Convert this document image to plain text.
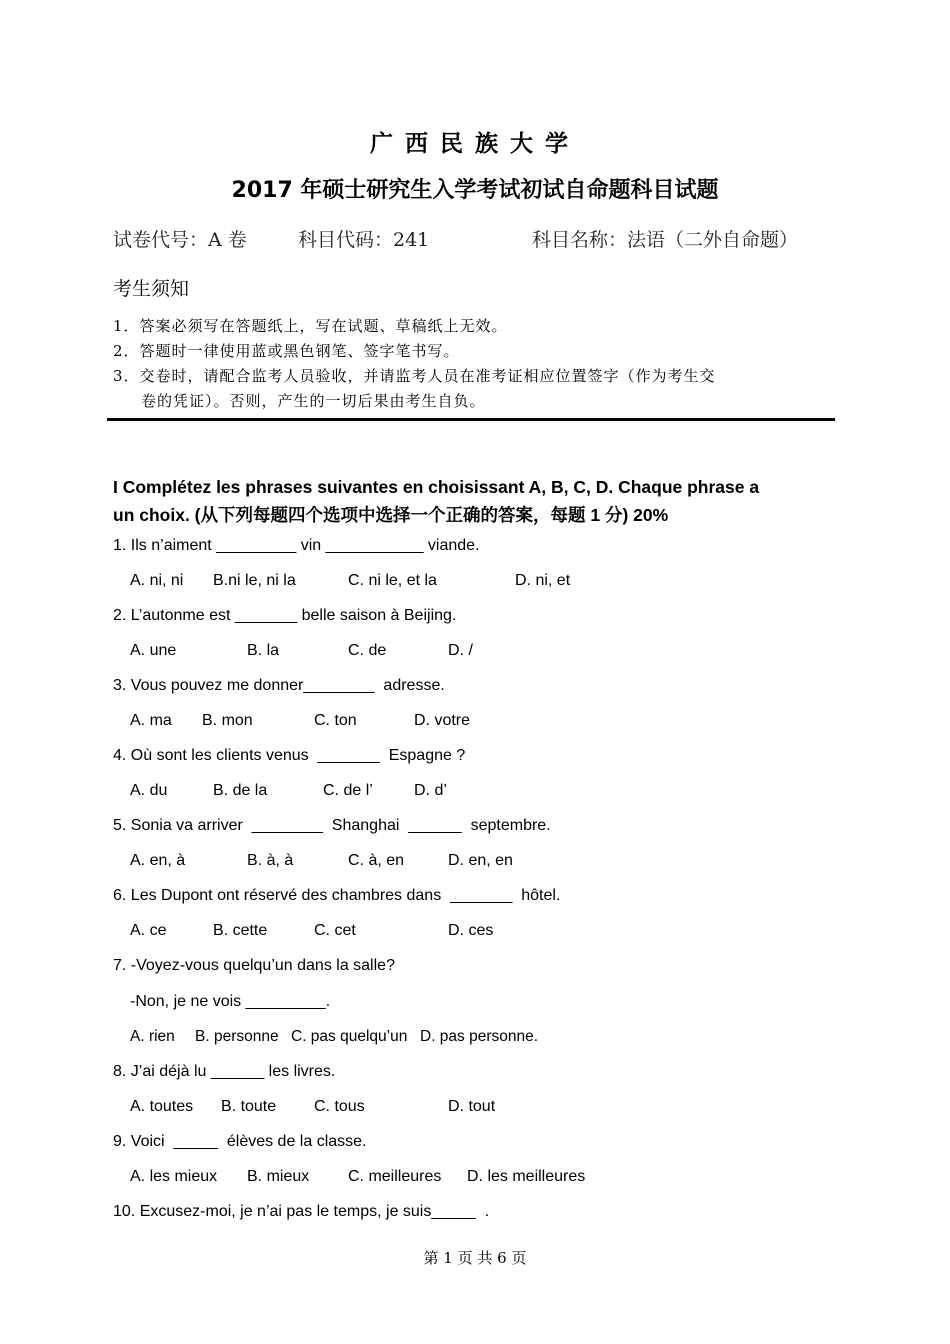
广西民族大学
2017 年硕士研究生入学考试初试自命题科目试题
试卷代号：A 卷	科目代码：241	科目名称：法语（二外自命题）
考生须知
1．答案必须写在答题纸上，写在试题、草稿纸上无效。
2．答题时一律使用蓝或黑色钢笔、签字笔书写。
3．交卷时，请配合监考人员验收，并请监考人员在准考证相应位置签字（作为考生交
卷的凭证）。否则，产生的一切后果由考生自负。
I Complétez les phrases suivantes en choisissant A, B, C, D. Chaque phrase a
un choix. (从下列每题四个选项中选择一个正确的答案，每题 1 分) 20%
1. Ils n’aiment _________ vin ___________ viande.
A. ni, ni B.ni le, ni la	C. ni le, et la	D. ni, et
2. L’autonme est _______ belle saison à Beijing.
A. une	B. la	C. de	D. /
3. Vous pouvez me donner________  adresse.
A. ma B. mon	C. ton	D. votre
4. Où sont les clients venus  _______  Espagne ?
A. du	B. de la	C. de l’	D. d’
5. Sonia va arriver  ________  Shanghai  ______  septembre.
A. en, à	B. à, à	C. à, en	D. en, en
6. Les Dupont ont réservé des chambres dans  _______  hôtel.
A. ce	B. cette	C. cet	D. ces
7. -Voyez-vous quelqu’un dans la salle?
-Non, je ne vois _________.
A. rien B. personne C. pas quelqu’un D. pas personne.
8. J’ai déjà lu ______ les livres.
A. toutes B. toute C. tous	D. tout
9. Voici  _____  élèves de la classe.
A. les mieux B. mieux C. meilleures D. les meilleures
10. Excusez-moi, je n’ai pas le temps, je suis_____  .
第 1 页 共 6 页
